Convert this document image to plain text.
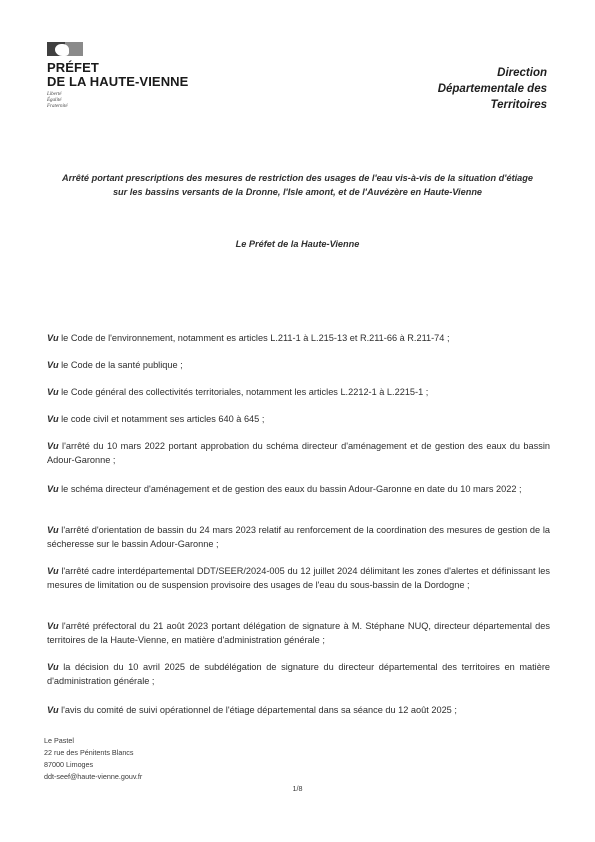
PRÉFET
DE LA HAUTE-VIENNE
Liberté
Égalité
Fraternité
Direction
Départementale des
Territoires
Arrêté portant prescriptions des mesures de restriction des usages de l'eau vis-à-vis de la situation d'étiage sur les bassins versants de la Dronne, l'Isle amont, et de l'Auvézère en Haute-Vienne
Le Préfet de la Haute-Vienne
Vu le Code de l'environnement, notamment es articles L.211-1 à L.215-13 et R.211-66 à R.211-74 ;
Vu le Code de la santé publique ;
Vu le Code général des collectivités territoriales, notamment les articles L.2212-1 à L.2215-1 ;
Vu le code civil et notamment ses articles 640 à 645 ;
Vu l'arrêté du 10 mars 2022 portant approbation du schéma directeur d'aménagement et de gestion des eaux du bassin Adour-Garonne ;
Vu le schéma directeur d'aménagement et de gestion des eaux du bassin Adour-Garonne en date du 10 mars 2022 ;
Vu l'arrêté d'orientation de bassin du 24 mars 2023 relatif au renforcement de la coordination des mesures de gestion de la sécheresse sur le bassin Adour-Garonne ;
Vu l'arrêté cadre interdépartemental DDT/SEER/2024-005 du 12 juillet 2024 délimitant les zones d'alertes et définissant les mesures de limitation ou de suspension provisoire des usages de l'eau du sous-bassin de la Dordogne ;
Vu l'arrêté préfectoral du 21 août 2023 portant délégation de signature à M. Stéphane NUQ, directeur départemental des territoires de la Haute-Vienne, en matière d'administration générale ;
Vu la décision du 10 avril 2025 de subdélégation de signature du directeur départemental des territoires en matière d'administration générale ;
Vu l'avis du comité de suivi opérationnel de l'étiage départemental dans sa séance du 12 août 2025 ;
Le Pastel
22 rue des Pénitents Blancs
87000 Limoges
ddt-seef@haute-vienne.gouv.fr
1/8
